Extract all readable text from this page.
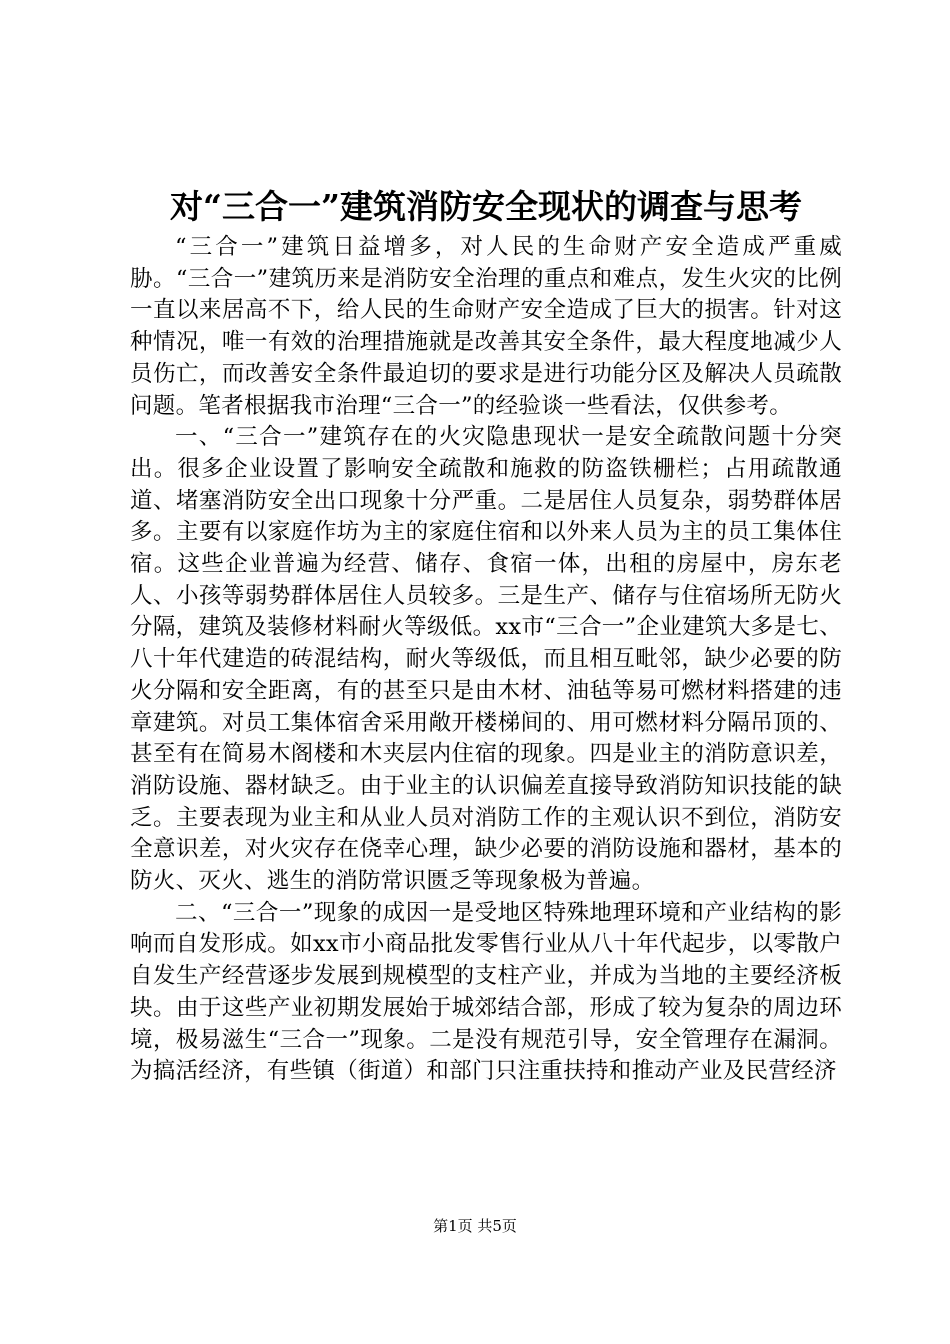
对“三合一”建筑消防安全现状的调查与思考

“三合一”建筑日益增多，对人民的生命财产安全造成严重威胁。“三合一”建筑历来是消防安全治理的重点和难点，发生火灾的比例一直以来居高不下，给人民的生命财产安全造成了巨大的损害。针对这种情况，唯一有效的治理措施就是改善其安全条件，最大程度地减少人员伤亡，而改善安全条件最迫切的要求是进行功能分区及解决人员疏散问题。笔者根据我市治理“三合一”的经验谈一些看法，仅供参考。

一、“三合一”建筑存在的火灾隐患现状一是安全疏散问题十分突出。很多企业设置了影响安全疏散和施救的防盗铁栅栏；占用疏散通道、堵塞消防安全出口现象十分严重。二是居住人员复杂，弱势群体居多。主要有以家庭作坊为主的家庭住宿和以外来人员为主的员工集体住宿。这些企业普遍为经营、储存、食宿一体，出租的房屋中，房东老人、小孩等弱势群体居住人员较多。三是生产、储存与住宿场所无防火分隔，建筑及装修材料耐火等级低。xx市“三合一”企业建筑大多是七、八十年代建造的砖混结构，耐火等级低，而且相互毗邻，缺少必要的防火分隔和安全距离，有的甚至只是由木材、油毡等易可燃材料搭建的违章建筑。对员工集体宿舍采用敞开楼梯间的、用可燃材料分隔吊顶的、甚至有在简易木阁楼和木夹层内住宿的现象。四是业主的消防意识差，消防设施、器材缺乏。由于业主的认识偏差直接导致消防知识技能的缺乏。主要表现为业主和从业人员对消防工作的主观认识不到位，消防安全意识差，对火灾存在侥幸心理，缺少必要的消防设施和器材，基本的防火、灭火、逃生的消防常识匮乏等现象极为普遍。

二、“三合一”现象的成因一是受地区特殊地理环境和产业结构的影响而自发形成。如xx市小商品批发零售行业从八十年代起步，以零散户自发生产经营逐步发展到规模型的支柱产业，并成为当地的主要经济板块。由于这些产业初期发展始于城郊结合部，形成了较为复杂的周边环境，极易滋生“三合一”现象。二是没有规范引导，安全管理存在漏洞。为搞活经济，有些镇（街道）和部门只注重扶持和推动产业及民营经济

第1页 共5页
